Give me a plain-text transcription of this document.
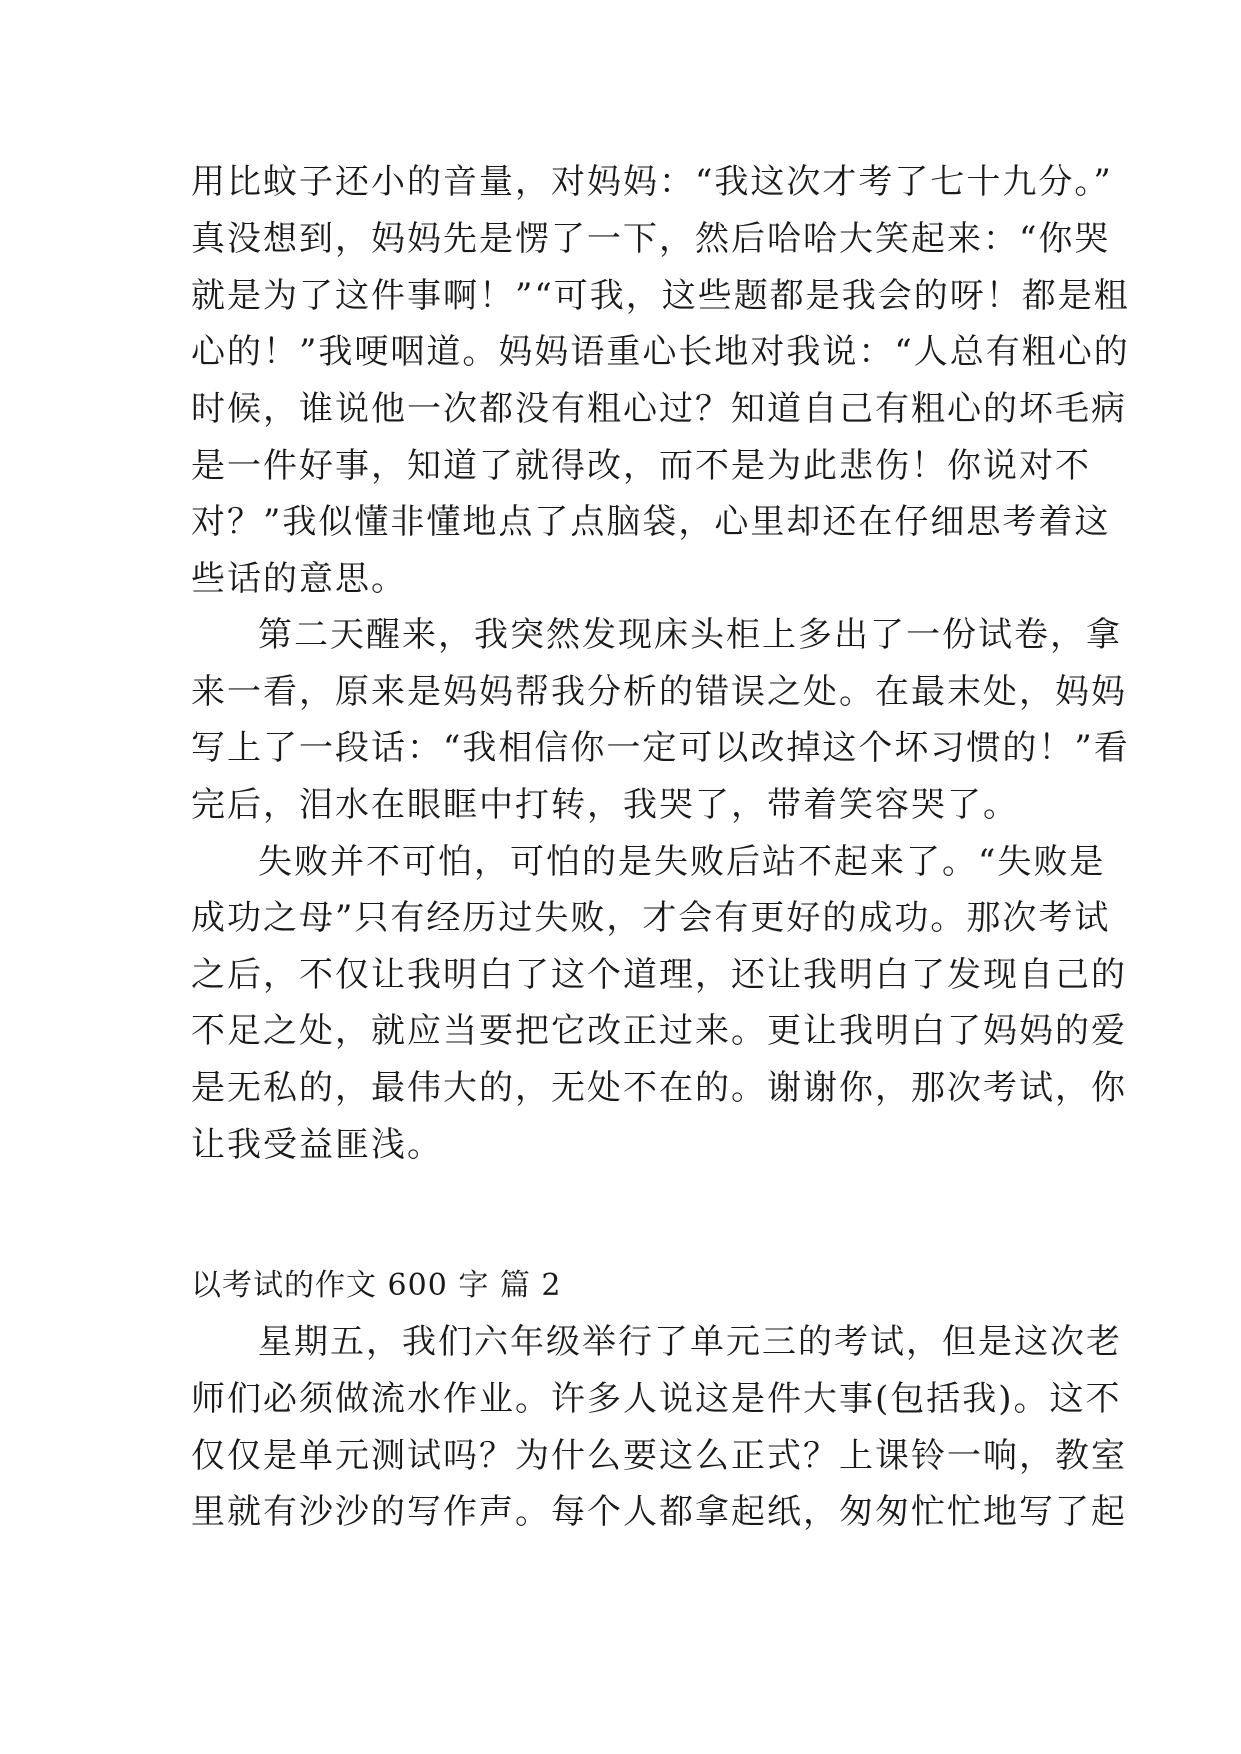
用比蚊子还小的音量，对妈妈：“我这次才考了七十九分。”
真没想到，妈妈先是愣了一下，然后哈哈大笑起来：“你哭
就是为了这件事啊！”“可我，这些题都是我会的呀！都是粗
心的！”我哽咽道。妈妈语重心长地对我说：“人总有粗心的
时候，谁说他一次都没有粗心过？知道自己有粗心的坏毛病
是一件好事，知道了就得改，而不是为此悲伤！你说对不
对？”我似懂非懂地点了点脑袋，心里却还在仔细思考着这
些话的意思。
第二天醒来，我突然发现床头柜上多出了一份试卷，拿
来一看，原来是妈妈帮我分析的错误之处。在最末处，妈妈
写上了一段话：“我相信你一定可以改掉这个坏习惯的！”看
完后，泪水在眼眶中打转，我哭了，带着笑容哭了。
失败并不可怕，可怕的是失败后站不起来了。“失败是
成功之母”只有经历过失败，才会有更好的成功。那次考试
之后，不仅让我明白了这个道理，还让我明白了发现自己的
不足之处，就应当要把它改正过来。更让我明白了妈妈的爱
是无私的，最伟大的，无处不在的。谢谢你，那次考试，你
让我受益匪浅。
以考试的作文 600 字 篇 2
星期五，我们六年级举行了单元三的考试，但是这次老
师们必须做流水作业。许多人说这是件大事(包括我)。这不
仅仅是单元测试吗？为什么要这么正式？上课铃一响，教室
里就有沙沙的写作声。每个人都拿起纸，匆匆忙忙地写了起
